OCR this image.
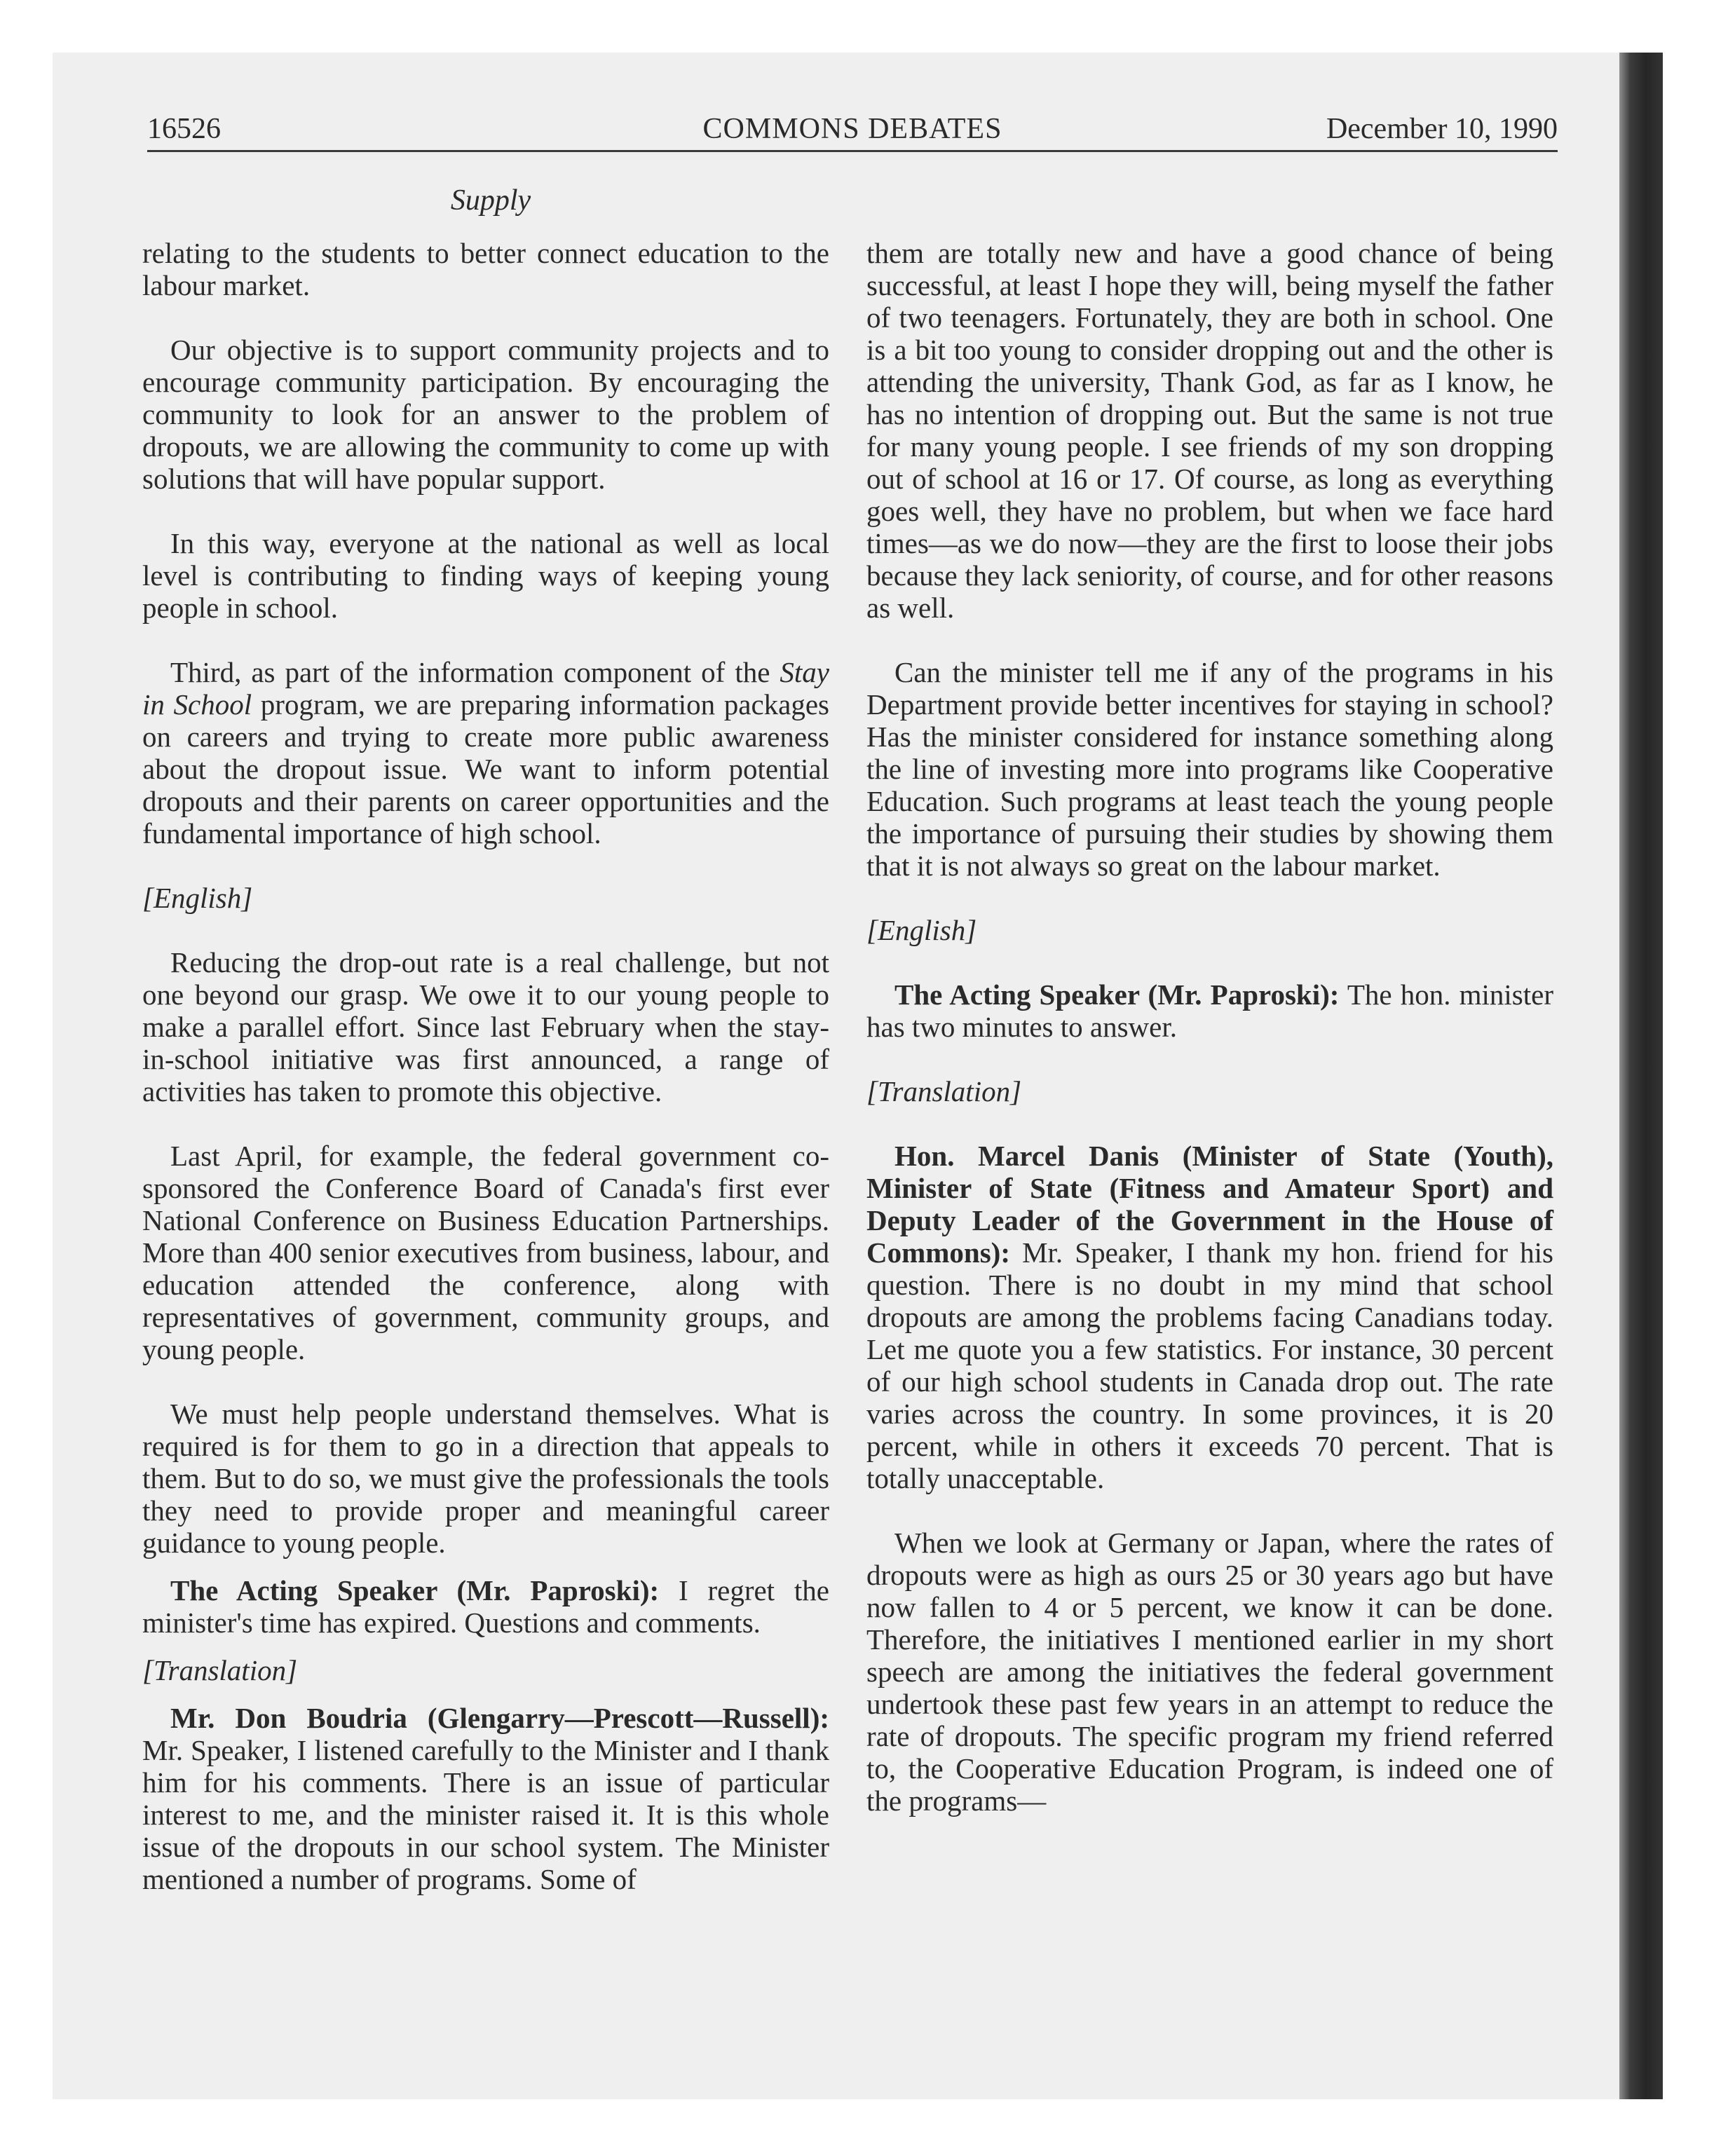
16526	COMMONS DEBATES	December 10, 1990
Supply

relating to the students to better connect education to the labour market.

Our objective is to support community projects and to encourage community participation. By encouraging the community to look for an answer to the problem of dropouts, we are allowing the community to come up with solutions that will have popular support.

In this way, everyone at the national as well as local level is contributing to finding ways of keeping young people in school.

Third, as part of the information component of the Stay in School program, we are preparing information packages on careers and trying to create more public awareness about the dropout issue. We want to inform potential dropouts and their parents on career opportunities and the fundamental importance of high school.

[English]

Reducing the drop-out rate is a real challenge, but not one beyond our grasp. We owe it to our young people to make a parallel effort. Since last February when the stay-in-school initiative was first announced, a range of activities has taken to promote this objective.

Last April, for example, the federal government co-sponsored the Conference Board of Canada's first ever National Conference on Business Education Partnerships. More than 400 senior executives from business, labour, and education attended the conference, along with representatives of government, community groups, and young people.

We must help people understand themselves. What is required is for them to go in a direction that appeals to them. But to do so, we must give the professionals the tools they need to provide proper and meaningful career guidance to young people.

The Acting Speaker (Mr. Paproski): I regret the minister's time has expired. Questions and comments.

[Translation]

Mr. Don Boudria (Glengarry—Prescott—Russell): Mr. Speaker, I listened carefully to the Minister and I thank him for his comments. There is an issue of particular interest to me, and the minister raised it. It is this whole issue of the dropouts in our school system. The Minister mentioned a number of programs. Some of

them are totally new and have a good chance of being successful, at least I hope they will, being myself the father of two teenagers. Fortunately, they are both in school. One is a bit too young to consider dropping out and the other is attending the university, Thank God, as far as I know, he has no intention of dropping out. But the same is not true for many young people. I see friends of my son dropping out of school at 16 or 17. Of course, as long as everything goes well, they have no problem, but when we face hard times—as we do now—they are the first to loose their jobs because they lack seniority, of course, and for other reasons as well.

Can the minister tell me if any of the programs in his Department provide better incentives for staying in school? Has the minister considered for instance something along the line of investing more into programs like Cooperative Education. Such programs at least teach the young people the importance of pursuing their studies by showing them that it is not always so great on the labour market.

[English]

The Acting Speaker (Mr. Paproski): The hon. minister has two minutes to answer.

[Translation]

Hon. Marcel Danis (Minister of State (Youth), Minister of State (Fitness and Amateur Sport) and Deputy Leader of the Government in the House of Commons): Mr. Speaker, I thank my hon. friend for his question. There is no doubt in my mind that school dropouts are among the problems facing Canadians today. Let me quote you a few statistics. For instance, 30 percent of our high school students in Canada drop out. The rate varies across the country. In some provinces, it is 20 percent, while in others it exceeds 70 percent. That is totally unacceptable.

When we look at Germany or Japan, where the rates of dropouts were as high as ours 25 or 30 years ago but have now fallen to 4 or 5 percent, we know it can be done. Therefore, the initiatives I mentioned earlier in my short speech are among the initiatives the federal government undertook these past few years in an attempt to reduce the rate of dropouts. The specific program my friend referred to, the Cooperative Education Program, is indeed one of the programs—
